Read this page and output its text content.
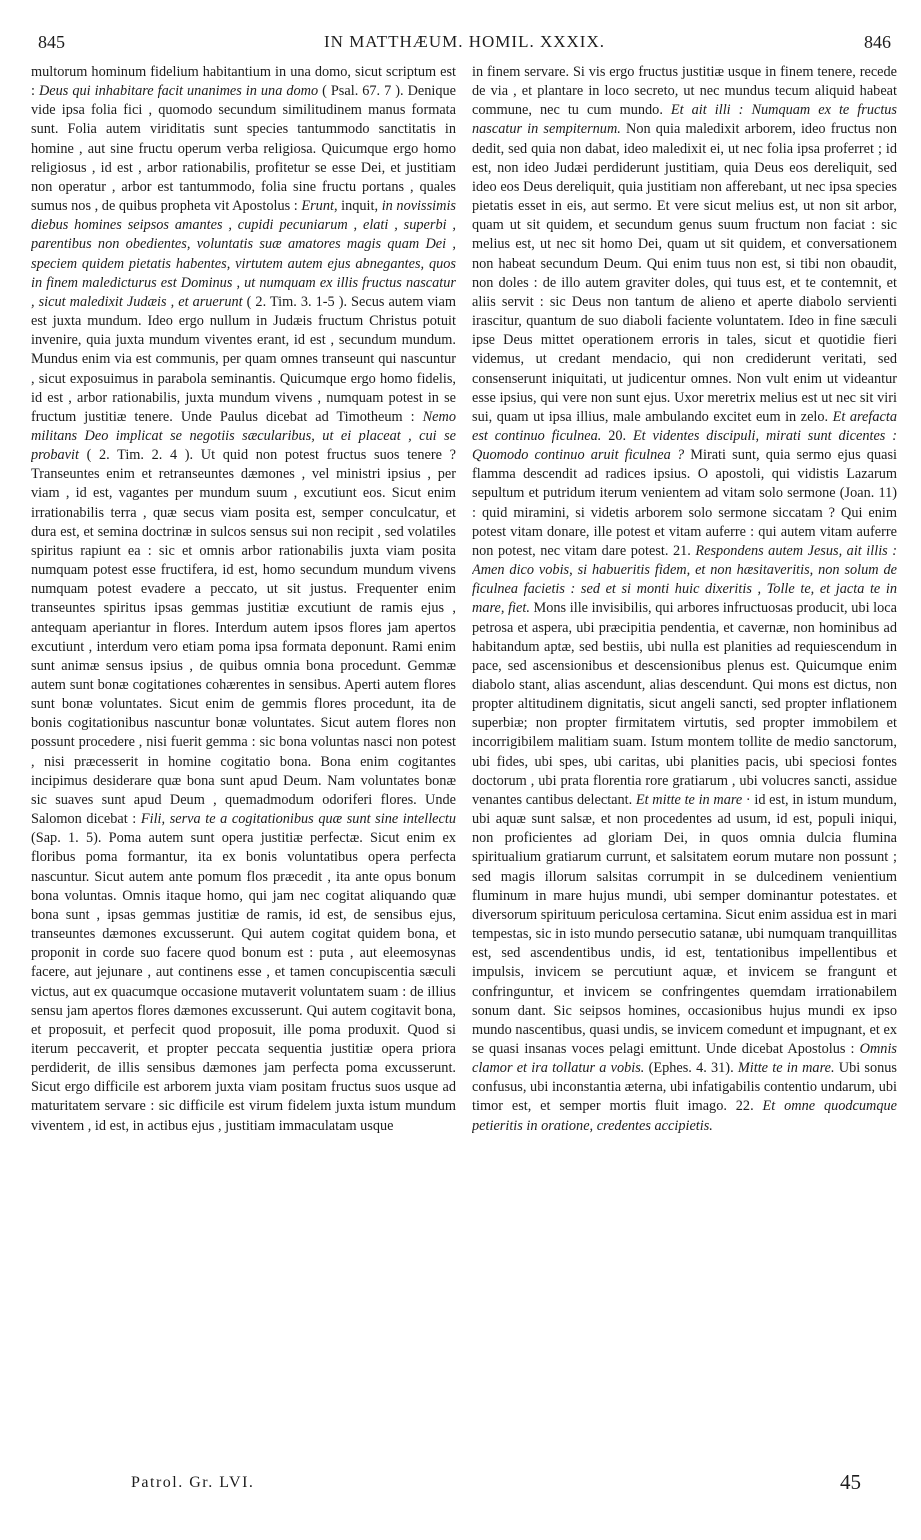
845	IN MATTHÆUM. HOMIL. XXXIX.	846

multorum hominum fidelium habitantium in una domo, sicut scriptum est : Deus qui inhabitare facit unanimes in una domo ( Psal. 67. 7 ). Denique vide ipsa folia fici , quomodo secundum similitudinem manus formata sunt. Folia autem viriditatis sunt species tantummodo sanctitatis in homine , aut sine fructu operum verba religiosa. Quicumque ergo homo religiosus , id est , arbor rationabilis, profitetur se esse Dei, et justitiam non operatur , arbor est tantummodo, folia sine fructu portans , quales sumus nos , de quibus propheta vit Apostolus : Erunt, inquit, in novissimis diebus homines seipsos amantes , cupidi pecuniarum , elati , superbi , parentibus non obedientes, voluntatis suæ amatores magis quam Dei , speciem quidem pietatis habentes, virtutem autem ejus abnegantes, quos in finem maledicturus est Dominus , ut numquam ex illis fructus nascatur , sicut maledixit Judæis , et aruerunt ( 2. Tim. 3. 1-5 ). Secus autem viam est juxta mundum. Ideo ergo nullum in Judæis fructum Christus potuit invenire, quia juxta mundum viventes erant, id est , secundum mundum. Mundus enim via est communis, per quam omnes transeunt qui nascuntur , sicut exposuimus in parabola seminantis. Quicumque ergo homo fidelis, id est , arbor rationabilis, juxta mundum vivens , numquam potest in se fructum justitiæ tenere. Unde Paulus dicebat ad Timotheum : Nemo militans Deo implicat se negotiis sæcularibus, ut ei placeat , cui se probavit ( 2. Tim. 2. 4 ). Ut quid non potest fructus suos tenere ? Transeuntes enim et retranseuntes dæmones , vel ministri ipsius , per viam , id est, vagantes per mundum suum , excutiunt eos. Sicut enim irrationabilis terra , quæ secus viam posita est, semper conculcatur, et dura est, et semina doctrinæ in sulcos sensus sui non recipit , sed volatiles spiritus rapiunt ea : sic et omnis arbor rationabilis juxta viam posita numquam potest esse fructifera, id est, homo secundum mundum vivens numquam potest evadere a peccato, ut sit justus. Frequenter enim transeuntes spiritus ipsas gemmas justitiæ excutiunt de ramis ejus , antequam aperiantur in flores. Interdum autem ipsos flores jam apertos excutiunt , interdum vero etiam poma ipsa formata deponunt. Rami enim sunt animæ sensus ipsius , de quibus omnia bona procedunt. Gemmæ autem sunt bonæ cogitationes cohærentes in sensibus. Aperti autem flores sunt bonæ voluntates. Sicut enim de gemmis flores procedunt, ita de bonis cogitationibus nascuntur bonæ voluntates. Sicut autem flores non possunt procedere , nisi fuerit gemma : sic bona voluntas nasci non potest , nisi præcesserit in homine cogitatio bona. Bona enim cogitantes incipimus desiderare quæ bona sunt apud Deum. Nam voluntates bonæ sic suaves sunt apud Deum , quemadmodum odoriferi flores. Unde Salomon dicebat : Fili, serva te a cogitationibus quæ sunt sine intellectu (Sap. 1. 5). Poma autem sunt opera justitiæ perfectæ. Sicut enim ex floribus poma formantur, ita ex bonis voluntatibus opera perfecta nascuntur. Sicut autem ante pomum flos præcedit , ita ante opus bonum bona voluntas. Omnis itaque homo, qui jam nec cogitat aliquando quæ bona sunt , ipsas gemmas justitiæ de ramis, id est, de sensibus ejus, transeuntes dæmones excusserunt. Qui autem cogitat quidem bona, et proponit in corde suo facere quod bonum est : puta , aut eleemosynas facere, aut jejunare , aut continens esse , et tamen concupiscentia sæculi victus, aut ex quacumque occasione mutaverit voluntatem suam : de illius sensu jam apertos flores dæmones excusserunt. Qui autem cogitavit bona, et proposuit, et perfecit quod proposuit, ille poma produxit. Quod si iterum peccaverit, et propter peccata sequentia justitiæ opera priora perdiderit, de illis sensibus dæmones jam perfecta poma excusserunt. Sicut ergo difficile est arborem juxta viam positam fructus suos usque ad maturitatem servare : sic difficile est virum fidelem juxta istum mundum viventem , id est, in actibus ejus , justitiam immaculatam usque

in finem servare. Si vis ergo fructus justitiæ usque in finem tenere, recede de via , et plantare in loco secreto, ut nec mundus tecum aliquid habeat commune, nec tu cum mundo. Et ait illi : Numquam ex te fructus nascatur in sempiternum. Non quia maledixit arborem, ideo fructus non dedit, sed quia non dabat, ideo maledixit ei, ut nec folia ipsa proferret ; id est, non ideo Judæi perdiderunt justitiam, quia Deus eos dereliquit, sed ideo eos Deus dereliquit, quia justitiam non afferebant, ut nec ipsa species pietatis esset in eis, aut sermo. Et vere sicut melius est, ut non sit arbor, quam ut sit quidem, et secundum genus suum fructum non faciat : sic melius est, ut nec sit homo Dei, quam ut sit quidem, et conversationem non habeat secundum Deum. Qui enim tuus non est, si tibi non obaudit, non doles : de illo autem graviter doles, qui tuus est, et te contemnit, et aliis servit : sic Deus non tantum de alieno et aperte diabolo servienti irascitur, quantum de suo diaboli faciente voluntatem. Ideo in fine sæculi ipse Deus mittet operationem erroris in tales, sicut et quotidie fieri videmus, ut credant mendacio, qui non crediderunt veritati, sed consenserunt iniquitati, ut judicentur omnes. Non vult enim ut videantur esse ipsius, qui vere non sunt ejus. Uxor meretrix melius est ut nec sit viri sui, quam ut ipsa illius, male ambulando excitet eum in zelo. Et arefacta est continuo ficulnea. 20. Et videntes discipuli, mirati sunt dicentes : Quomodo continuo aruit ficulnea ? Mirati sunt, quia sermo ejus quasi flamma descendit ad radices ipsius. O apostoli, qui vidistis Lazarum sepultum et putridum iterum venientem ad vitam solo sermone (Joan. 11) : quid miramini, si videtis arborem solo sermone siccatam ? Qui enim potest vitam donare, ille potest et vitam auferre : qui autem vitam auferre non potest, nec vitam dare potest. 21. Respondens autem Jesus, ait illis : Amen dico vobis, si habueritis fidem, et non hæsitaveritis, non solum de ficulnea facietis : sed et si monti huic dixeritis , Tolle te, et jacta te in mare, fiet. Mons ille invisibilis, qui arbores infructuosas producit, ubi loca petrosa et aspera, ubi præcipitia pendentia, et cavernæ, non hominibus ad habitandum aptæ, sed bestiis, ubi nulla est planities ad requiescendum in pace, sed ascensionibus et descensionibus plenus est. Quicumque enim diabolo stant, alias ascendunt, alias descendunt. Qui mons est dictus, non propter altitudinem dignitatis, sicut angeli sancti, sed propter inflationem superbiæ; non propter firmitatem virtutis, sed propter immobilem et incorrigibilem malitiam suam. Istum montem tollite de medio sanctorum, ubi fides, ubi spes, ubi caritas, ubi planities pacis, ubi speciosi fontes doctorum , ubi prata florentia rore gratiarum , ubi volucres sancti, assidue venantes cantibus delectant. Et mitte te in mare · id est, in istum mundum, ubi aquæ sunt salsæ, et non procedentes ad usum, id est, populi iniqui, non proficientes ad gloriam Dei, in quos omnia dulcia flumina spiritualium gratiarum currunt, et salsitatem eorum mutare non possunt ; sed magis illorum salsitas corrumpit in se dulcedinem venientium fluminum in mare hujus mundi, ubi semper dominantur potestates. et diversorum spirituum periculosa certamina. Sicut enim assidua est in mari tempestas, sic in isto mundo persecutio satanæ, ubi numquam tranquillitas est, sed ascendentibus undis, id est, tentationibus impellentibus et impulsis, invicem se percutiunt aquæ, et invicem se frangunt et confringuntur, et invicem se confringentes quemdam irrationabilem sonum dant. Sic seipsos homines, occasionibus hujus mundi ex ipso mundo nascentibus, quasi undis, se invicem comedunt et impugnant, et ex se quasi insanas voces pelagi emittunt. Unde dicebat Apostolus : Omnis clamor et ira tollatur a vobis. (Ephes. 4. 31). Mitte te in mare. Ubi sonus confusus, ubi inconstantia æterna, ubi infatigabilis contentio undarum, ubi timor est, et semper mortis fluit imago. 22. Et omne quodcumque petieritis in oratione, credentes accipietis.

Patrol. Gr. LVI.	45
